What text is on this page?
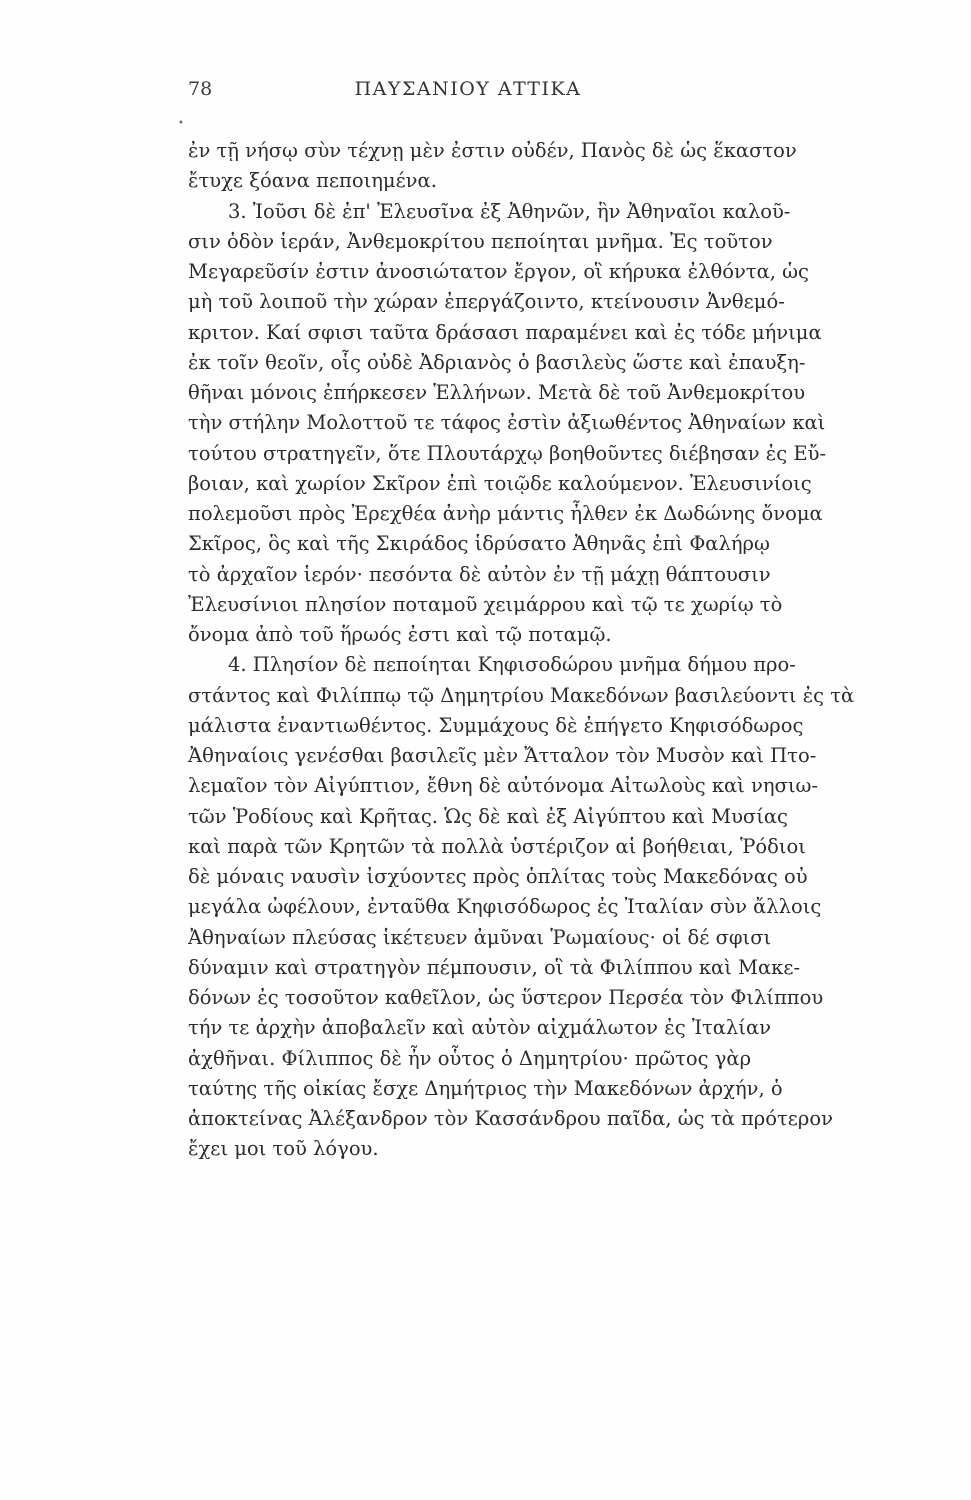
78	ΠΑΥΣΑΝΙΟΥ ΑΤΤΙΚΑ
•
ἐν τῇ νήσῳ σὺν τέχνῃ μὲν ἐστιν οὐδέν, Πανὸς δὲ ὡς ἕκαστον
ἔτυχε ξόανα πεποιημένα.
3. Ἰοῦσι δὲ ἐπ' Ἐλευσῖνα ἐξ Ἀθηνῶν, ἣν Ἀθηναῖοι καλοῦ-
σιν ὁδὸν ἱεράν, Ἀνθεμοκρίτου πεποίηται μνῆμα. Ἐς τοῦτον
Μεγαρεῦσίν ἐστιν ἀνοσιώτατον ἔργον, οἳ κήρυκα ἐλθόντα, ὡς
μὴ τοῦ λοιποῦ τὴν χώραν ἐπεργάζοιντο, κτείνουσιν Ἀνθεμό-
κριτον. Καί σφισι ταῦτα δράσασι παραμένει καὶ ἐς τόδε μήνιμα
ἐκ τοῖν θεοῖν, οἷς οὐδὲ Ἀδριανὸς ὁ βασιλεὺς ὥστε καὶ ἐπαυξη-
θῆναι μόνοις ἐπήρκεσεν Ἑλλήνων. Μετὰ δὲ τοῦ Ἀνθεμοκρίτου
τὴν στήλην Μολοττοῦ τε τάφος ἐστὶν ἀξιωθέντος Ἀθηναίων καὶ
τούτου στρατηγεῖν, ὅτε Πλουτάρχῳ βοηθοῦντες διέβησαν ἐς Εὔ-
βοιαν, καὶ χωρίον Σκῖρον ἐπὶ τοιῷδε καλούμενον. Ἐλευσινίοις
πολεμοῦσι πρὸς Ἐρεχθέα ἀνὴρ μάντις ἦλθεν ἐκ Δωδώνης ὄνομα
Σκῖρος, ὃς καὶ τῆς Σκιράδος ἱδρύσατο Ἀθηνᾶς ἐπὶ Φαλήρῳ
τὸ ἀρχαῖον ἱερόν· πεσόντα δὲ αὐτὸν ἐν τῇ μάχῃ θάπτουσιν
Ἐλευσίνιοι πλησίον ποταμοῦ χειμάρρου καὶ τῷ τε χωρίῳ τὸ
ὄνομα ἀπὸ τοῦ ἥρωός ἐστι καὶ τῷ ποταμῷ.
4. Πλησίον δὲ πεποίηται Κηφισοδώρου μνῆμα δήμου προ-
στάντος καὶ Φιλίππῳ τῷ Δημητρίου Μακεδόνων βασιλεύοντι ἐς τὰ
μάλιστα ἐναντιωθέντος. Συμμάχους δὲ ἐπήγετο Κηφισόδωρος
Ἀθηναίοις γενέσθαι βασιλεῖς μὲν Ἄτταλον τὸν Μυσὸν καὶ Πτο-
λεμαῖον τὸν Αἰγύπτιον, ἔθνη δὲ αὐτόνομα Αἰτωλοὺς καὶ νησιω-
τῶν Ῥοδίους καὶ Κρῆτας. Ὡς δὲ καὶ ἐξ Αἰγύπτου καὶ Μυσίας
καὶ παρὰ τῶν Κρητῶν τὰ πολλὰ ὑστέριζον αἱ βοήθειαι, Ῥόδιοι
δὲ μόναις ναυσὶν ἰσχύοντες πρὸς ὁπλίτας τοὺς Μακεδόνας οὐ
μεγάλα ὠφέλουν, ἐνταῦθα Κηφισόδωρος ἐς Ἰταλίαν σὺν ἄλλοις
Ἀθηναίων πλεύσας ἱκέτευεν ἀμῦναι Ῥωμαίους· οἱ δέ σφισι
δύναμιν καὶ στρατηγὸν πέμπουσιν, οἳ τὰ Φιλίππου καὶ Μακε-
δόνων ἐς τοσοῦτον καθεῖλον, ὡς ὕστερον Περσέα τὸν Φιλίππου
τήν τε ἀρχὴν ἀποβαλεῖν καὶ αὐτὸν αἰχμάλωτον ἐς Ἰταλίαν
ἀχθῆναι. Φίλιππος δὲ ἦν οὗτος ὁ Δημητρίου· πρῶτος γὰρ
ταύτης τῆς οἰκίας ἔσχε Δημήτριος τὴν Μακεδόνων ἀρχήν, ὁ
ἀποκτείνας Ἀλέξανδρον τὸν Κασσάνδρου παῖδα, ὡς τὰ πρότερον
ἔχει μοι τοῦ λόγου.
